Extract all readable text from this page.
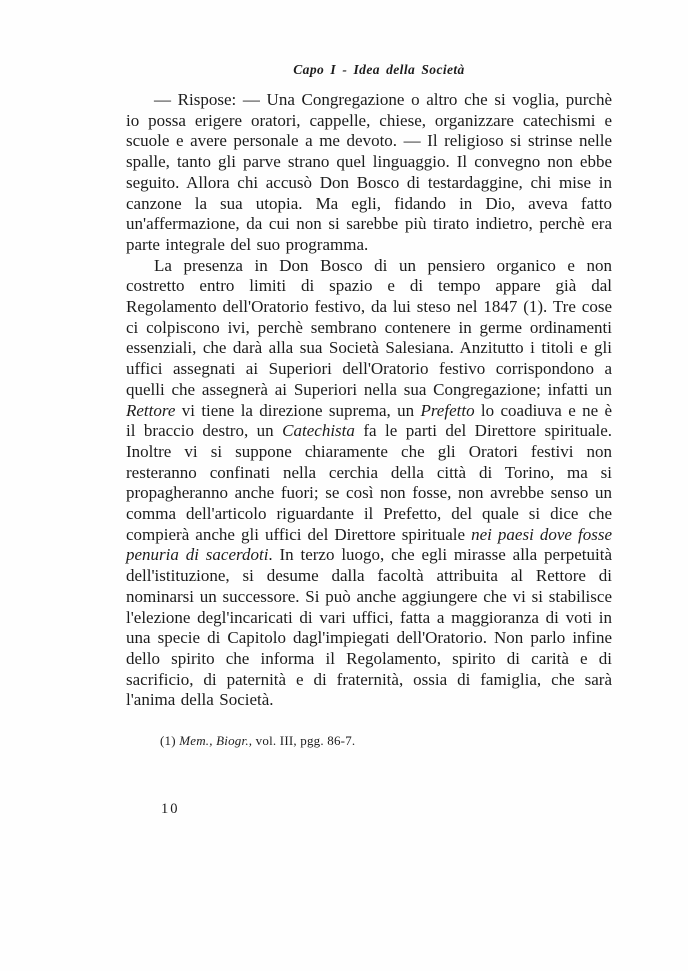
Capo I - Idea della Società

— Rispose: — Una Congregazione o altro che si voglia, purchè io possa erigere oratori, cappelle, chiese, organizzare catechismi e scuole e avere personale a me devoto. — Il religioso si strinse nelle spalle, tanto gli parve strano quel linguaggio. Il convegno non ebbe seguito. Allora chi accusò Don Bosco di testardaggine, chi mise in canzone la sua utopia. Ma egli, fidando in Dio, aveva fatto un'affermazione, da cui non si sarebbe più tirato indietro, perchè era parte integrale del suo programma.

La presenza in Don Bosco di un pensiero organico e non costretto entro limiti di spazio e di tempo appare già dal Regolamento dell'Oratorio festivo, da lui steso nel 1847 (1). Tre cose ci colpiscono ivi, perchè sembrano contenere in germe ordinamenti essenziali, che darà alla sua Società Salesiana. Anzitutto i titoli e gli uffici assegnati ai Superiori dell'Oratorio festivo corrispondono a quelli che assegnerà ai Superiori nella sua Congregazione; infatti un Rettore vi tiene la direzione suprema, un Prefetto lo coadiuva e ne è il braccio destro, un Catechista fa le parti del Direttore spirituale. Inoltre vi si suppone chiaramente che gli Oratori festivi non resteranno confinati nella cerchia della città di Torino, ma si propagheranno anche fuori; se così non fosse, non avrebbe senso un comma dell'articolo riguardante il Prefetto, del quale si dice che compierà anche gli uffici del Direttore spirituale nei paesi dove fosse penuria di sacerdoti. In terzo luogo, che egli mirasse alla perpetuità dell'istituzione, si desume dalla facoltà attribuita al Rettore di nominarsi un successore. Si può anche aggiungere che vi si stabilisce l'elezione degl'incaricati di vari uffici, fatta a maggioranza di voti in una specie di Capitolo dagl'impiegati dell'Oratorio. Non parlo infine dello spirito che informa il Regolamento, spirito di carità e di sacrificio, di paternità e di fraternità, ossia di famiglia, che sarà l'anima della Società.

(1) Mem., Biogr., vol. III, pgg. 86-7.
10
